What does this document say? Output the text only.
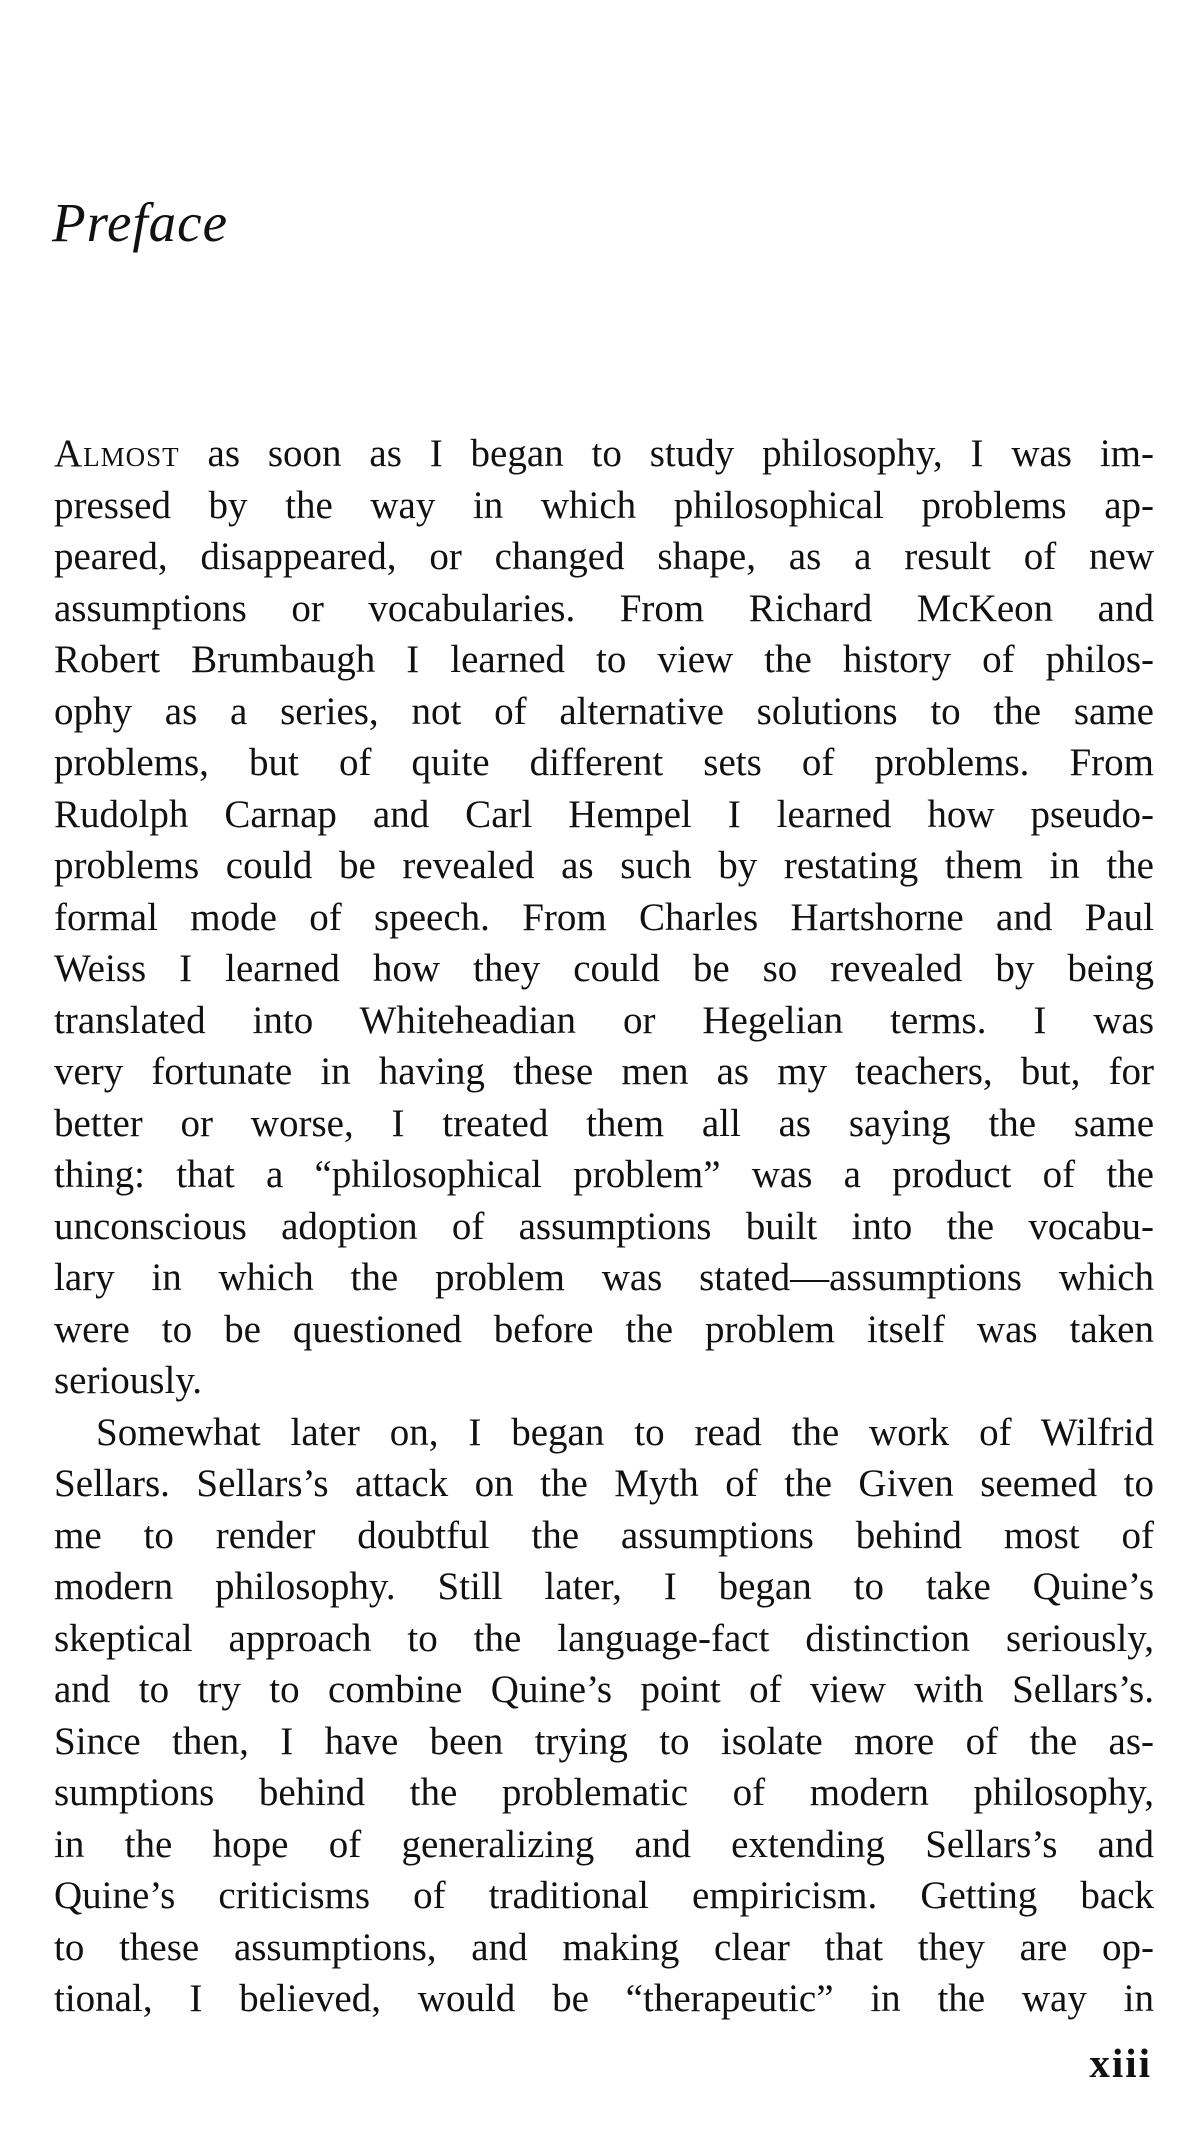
Preface
Almost as soon as I began to study philosophy, I was im-
pressed by the way in which philosophical problems ap-
peared, disappeared, or changed shape, as a result of new
assumptions or vocabularies. From Richard McKeon and
Robert Brumbaugh I learned to view the history of philos-
ophy as a series, not of alternative solutions to the same
problems, but of quite different sets of problems. From
Rudolph Carnap and Carl Hempel I learned how pseudo-
problems could be revealed as such by restating them in the
formal mode of speech. From Charles Hartshorne and Paul
Weiss I learned how they could be so revealed by being
translated into Whiteheadian or Hegelian terms. I was
very fortunate in having these men as my teachers, but, for
better or worse, I treated them all as saying the same
thing: that a “philosophical problem” was a product of the
unconscious adoption of assumptions built into the vocabu-
lary in which the problem was stated—assumptions which
were to be questioned before the problem itself was taken
seriously.
Somewhat later on, I began to read the work of Wilfrid
Sellars. Sellars’s attack on the Myth of the Given seemed to
me to render doubtful the assumptions behind most of
modern philosophy. Still later, I began to take Quine’s
skeptical approach to the language-fact distinction seriously,
and to try to combine Quine’s point of view with Sellars’s.
Since then, I have been trying to isolate more of the as-
sumptions behind the problematic of modern philosophy,
in the hope of generalizing and extending Sellars’s and
Quine’s criticisms of traditional empiricism. Getting back
to these assumptions, and making clear that they are op-
tional, I believed, would be “therapeutic” in the way in
xiii
